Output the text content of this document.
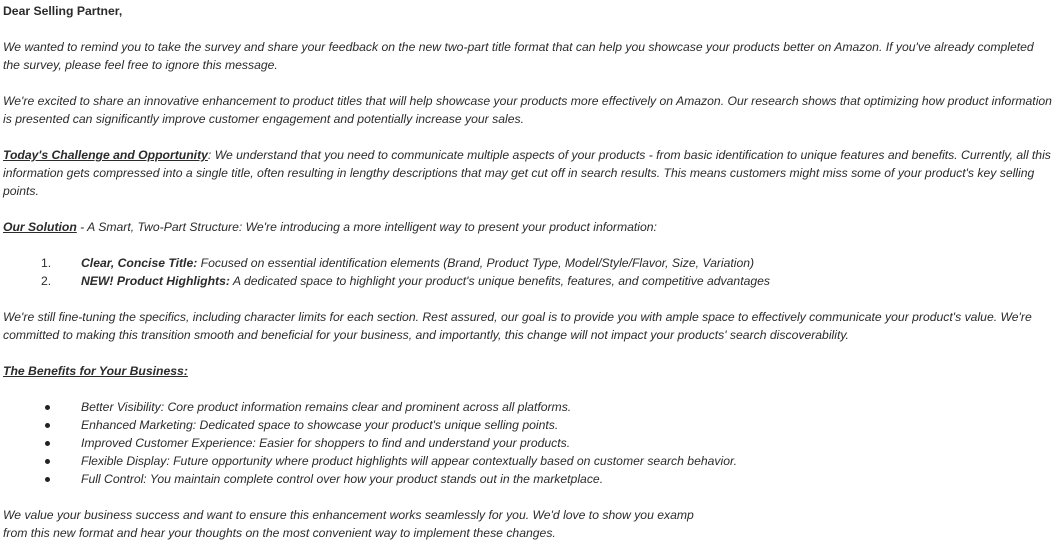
Dear Selling Partner,

We wanted to remind you to take the survey and share your feedback on the new two-part title format that can help you showcase your products better on Amazon. If you've already completed the survey, please feel free to ignore this message.

We're excited to share an innovative enhancement to product titles that will help showcase your products more effectively on Amazon. Our research shows that optimizing how product information is presented can significantly improve customer engagement and potentially increase your sales.

Today's Challenge and Opportunity: We understand that you need to communicate multiple aspects of your products - from basic identification to unique features and benefits. Currently, all this information gets compressed into a single title, often resulting in lengthy descriptions that may get cut off in search results. This means customers might miss some of your product's key selling points.

Our Solution - A Smart, Two-Part Structure: We're introducing a more intelligent way to present your product information:

1. Clear, Concise Title: Focused on essential identification elements (Brand, Product Type, Model/Style/Flavor, Size, Variation)
2. NEW! Product Highlights: A dedicated space to highlight your product's unique benefits, features, and competitive advantages

We're still fine-tuning the specifics, including character limits for each section. Rest assured, our goal is to provide you with ample space to effectively communicate your product's value. We're committed to making this transition smooth and beneficial for your business, and importantly, this change will not impact your products' search discoverability.

The Benefits for Your Business:

Better Visibility: Core product information remains clear and prominent across all platforms.
Enhanced Marketing: Dedicated space to showcase your product's unique selling points.
Improved Customer Experience: Easier for shoppers to find and understand your products.
Flexible Display: Future opportunity where product highlights will appear contextually based on customer search behavior.
Full Control: You maintain complete control over how your product stands out in the marketplace.

We value your business success and want to ensure this enhancement works seamlessly for you. We'd love to show you examp
from this new format and hear your thoughts on the most convenient way to implement these changes.
